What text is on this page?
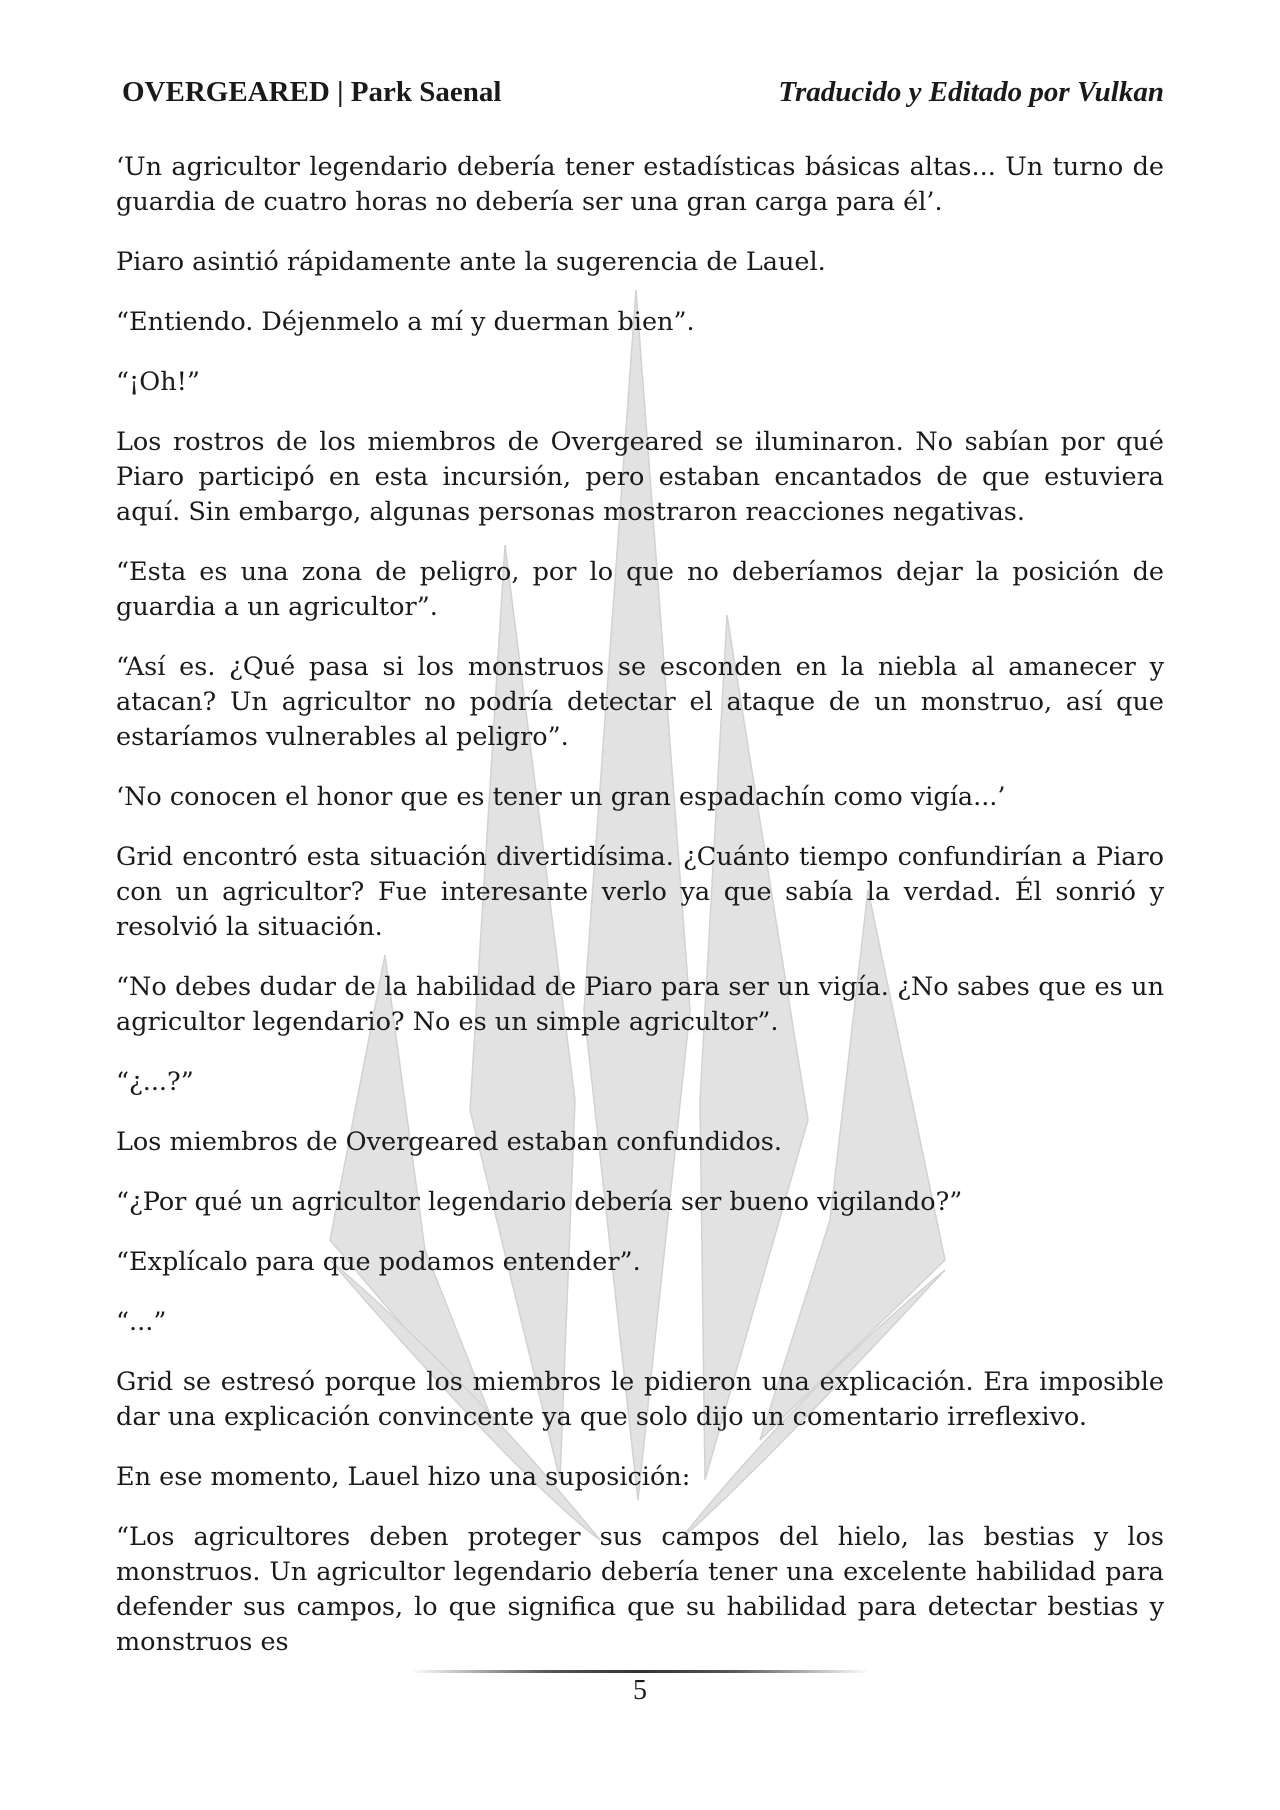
OVERGEARED | Park Saenal	Traducido y Editado por Vulkan

‘Un agricultor legendario debería tener estadísticas básicas altas... Un turno de guardia de cuatro horas no debería ser una gran carga para él’.

Piaro asintió rápidamente ante la sugerencia de Lauel.

“Entiendo. Déjenmelo a mí y duerman bien”.

“¡Oh!”

Los rostros de los miembros de Overgeared se iluminaron. No sabían por qué Piaro participó en esta incursión, pero estaban encantados de que estuviera aquí. Sin embargo, algunas personas mostraron reacciones negativas.

“Esta es una zona de peligro, por lo que no deberíamos dejar la posición de guardia a un agricultor”.

“Así es. ¿Qué pasa si los monstruos se esconden en la niebla al amanecer y atacan? Un agricultor no podría detectar el ataque de un monstruo, así que estaríamos vulnerables al peligro”.

‘No conocen el honor que es tener un gran espadachín como vigía...’

Grid encontró esta situación divertidísima. ¿Cuánto tiempo confundirían a Piaro con un agricultor? Fue interesante verlo ya que sabía la verdad. Él sonrió y resolvió la situación.

“No debes dudar de la habilidad de Piaro para ser un vigía. ¿No sabes que es un agricultor legendario? No es un simple agricultor”.

“¿...?”

Los miembros de Overgeared estaban confundidos.

“¿Por qué un agricultor legendario debería ser bueno vigilando?”

“Explícalo para que podamos entender”.

“...”

Grid se estresó porque los miembros le pidieron una explicación. Era imposible dar una explicación convincente ya que solo dijo un comentario irreflexivo.

En ese momento, Lauel hizo una suposición:

“Los agricultores deben proteger sus campos del hielo, las bestias y los monstruos. Un agricultor legendario debería tener una excelente habilidad para defender sus campos, lo que significa que su habilidad para detectar bestias y monstruos es

5
